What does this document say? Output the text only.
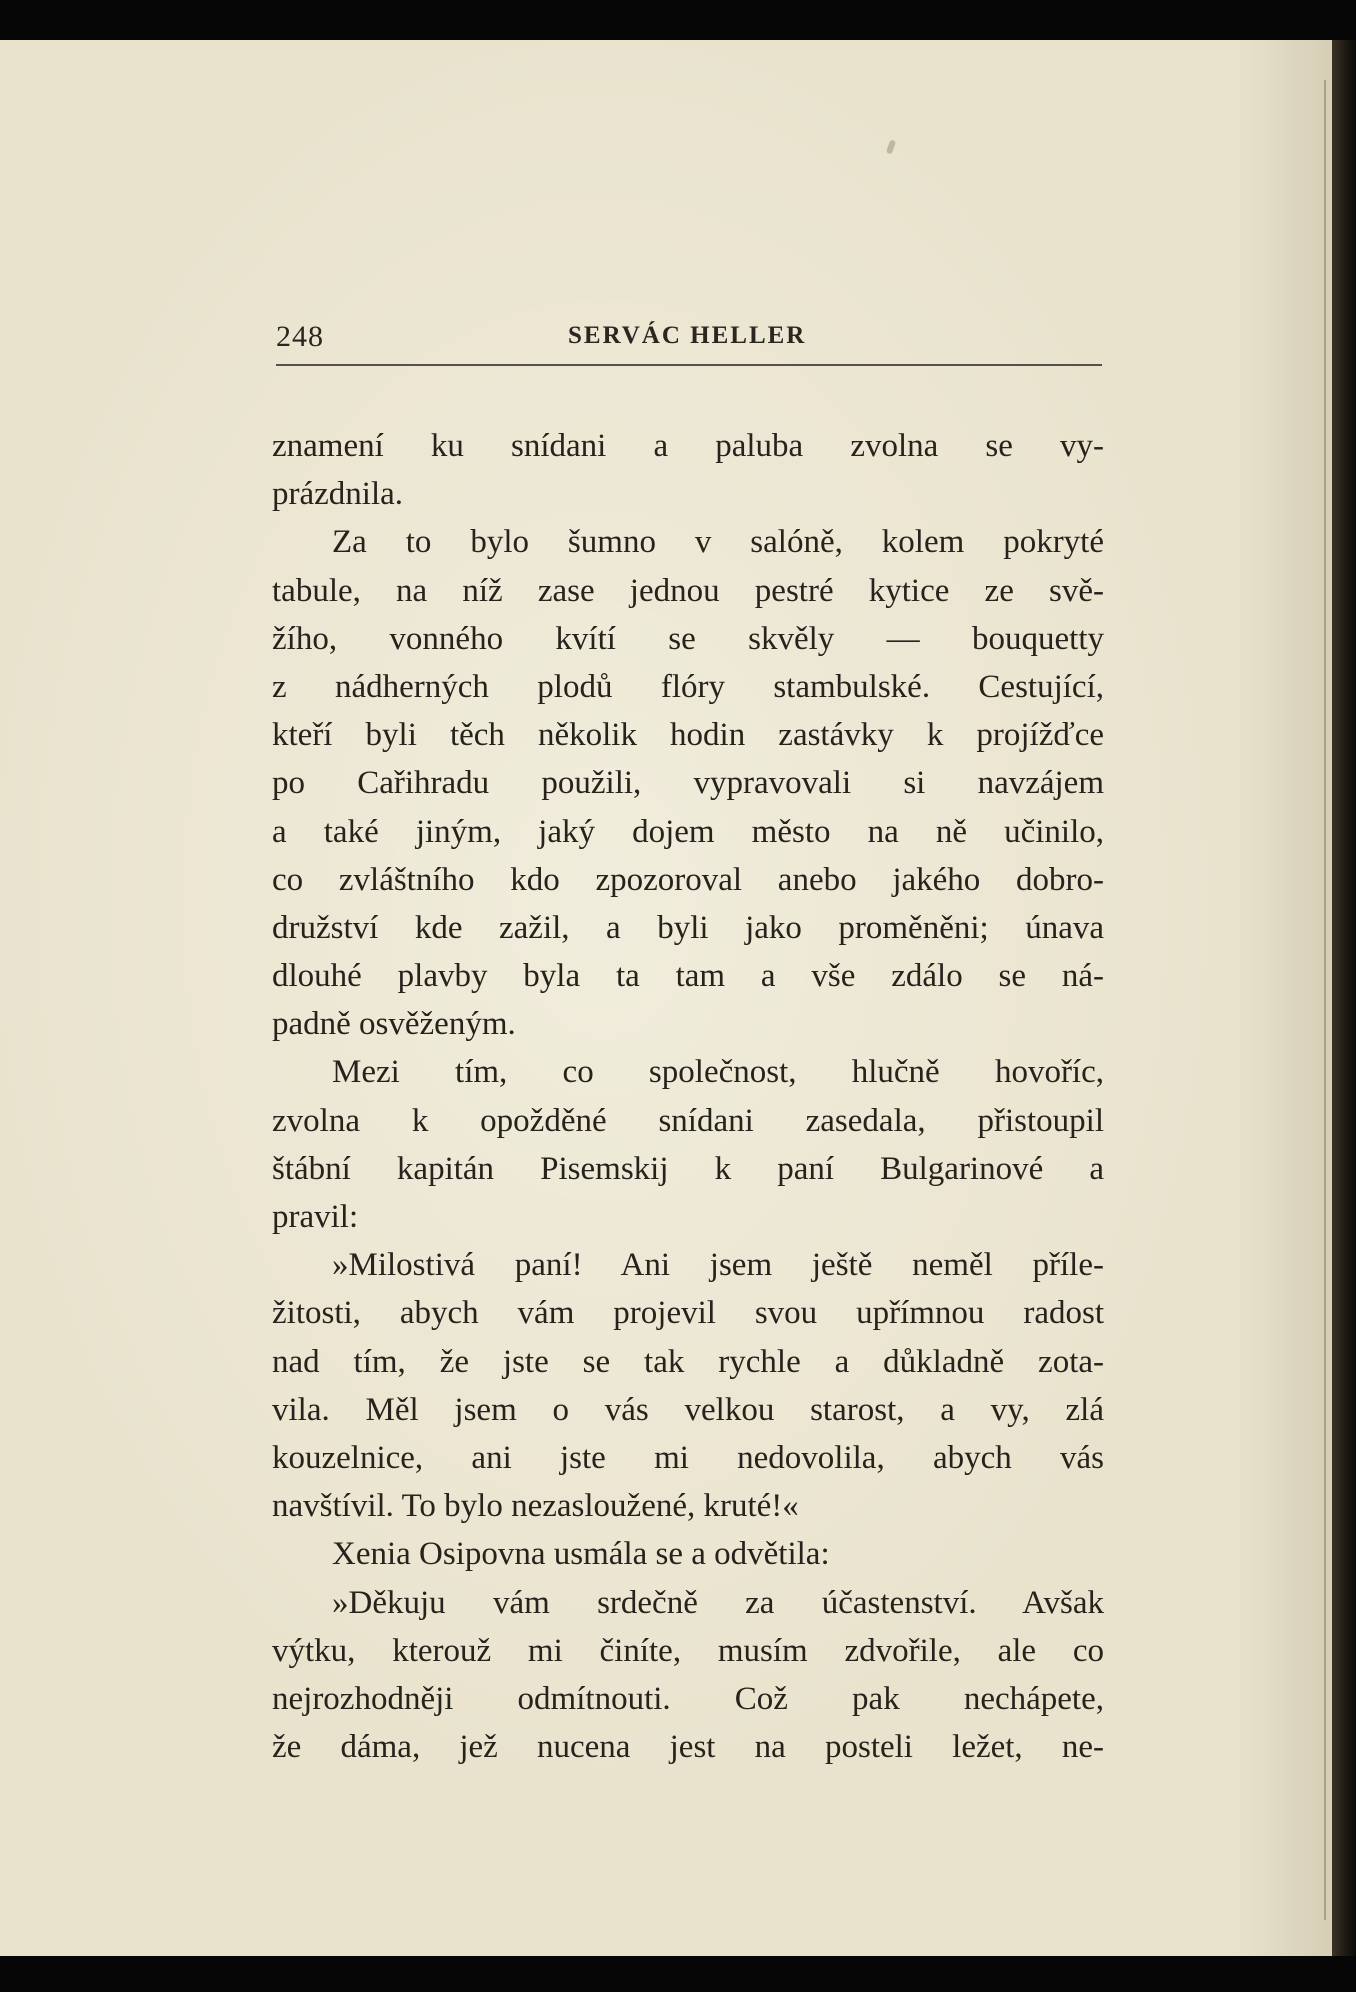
248	SERVÁC HELLER
znamení ku snídani a paluba zvolna se vy-
prázdnila.
Za to bylo šumno v salóně, kolem pokryté
tabule, na níž zase jednou pestré kytice ze svě-
žího, vonného kvítí se skvěly — bouquetty
z nádherných plodů flóry stambulské. Cestující,
kteří byli těch několik hodin zastávky k projížďce
po Cařihradu použili, vypravovali si navzájem
a také jiným, jaký dojem město na ně učinilo,
co zvláštního kdo zpozoroval anebo jakého dobro-
družství kde zažil, a byli jako proměněni; únava
dlouhé plavby byla ta tam a vše zdálo se ná-
padně osvěženým.
Mezi tím, co společnost, hlučně hovoříc,
zvolna k opožděné snídani zasedala, přistoupil
štábní kapitán Pisemskij k paní Bulgarinové a
pravil:
»Milostivá paní! Ani jsem ještě neměl příle-
žitosti, abych vám projevil svou upřímnou radost
nad tím, že jste se tak rychle a důkladně zota-
vila. Měl jsem o vás velkou starost, a vy, zlá
kouzelnice, ani jste mi nedovolila, abych vás
navštívil. To bylo nezasloužené, kruté!«
Xenia Osipovna usmála se a odvětila:
»Děkuju vám srdečně za účastenství. Avšak
výtku, kterouž mi činíte, musím zdvořile, ale co
nejrozhodněji odmítnouti. Což pak nechápete,
že dáma, jež nucena jest na posteli ležet, ne-
